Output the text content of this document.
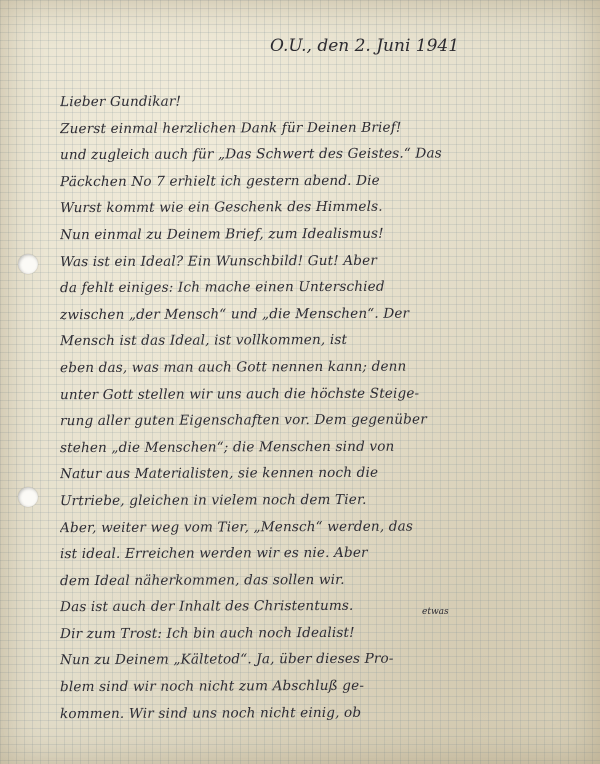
O.U., den 2. Juni 1941
Lieber Gundikar!
Zuerst einmal herzlichen Dank für Deinen Brief!
und zugleich auch für „Das Schwert des Geistes.“ Das
Päckchen No 7 erhielt ich gestern abend. Die
Wurst kommt wie ein Geschenk des Himmels.
Nun einmal zu Deinem Brief, zum Idealismus!
Was ist ein Ideal? Ein Wunschbild! Gut! Aber
da fehlt einiges: Ich mache einen Unterschied
zwischen „der Mensch“ und „die Menschen“. Der
Mensch ist das Ideal, ist vollkommen, ist
eben das, was man auch Gott nennen kann; denn
unter Gott stellen wir uns auch die höchste Steige-
rung aller guten Eigenschaften vor. Dem gegenüber
stehen „die Menschen“; die Menschen sind von
Natur aus Materialisten, sie kennen noch die
Urtriebe, gleichen in vielem noch dem Tier.
Aber, weiter weg vom Tier, „Mensch“ werden, das
ist ideal. Erreichen werden wir es nie. Aber
dem Ideal näherkommen, das sollen wir.
Das ist auch der Inhalt des Christentums.
Dir zum Trost: Ich bin auch noch Idealist!
Nun zu Deinem „Kältetod“. Ja, über dieses Pro-
blem sind wir noch nicht zum Abschluß ge-
kommen. Wir sind uns noch nicht einig, ob
etwas
